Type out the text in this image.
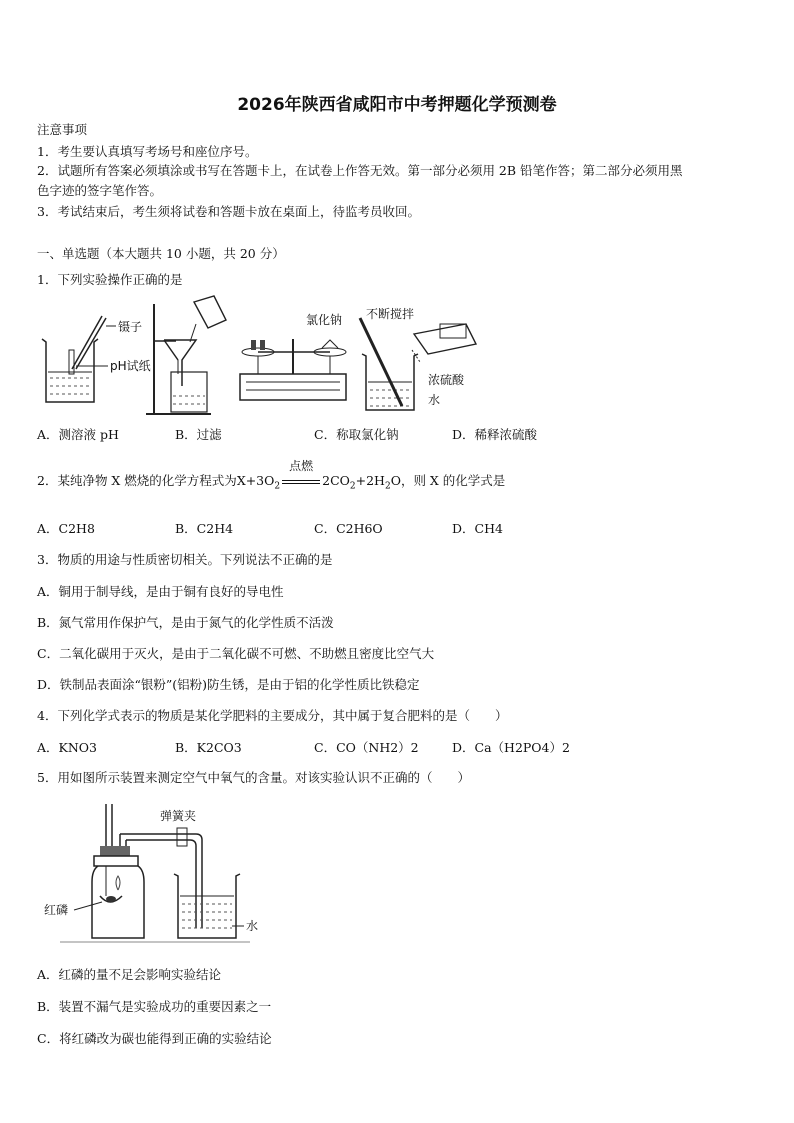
2026年陕西省咸阳市中考押题化学预测卷
注意事项
1．考生要认真填写考场号和座位序号。
2．试题所有答案必须填涂或书写在答题卡上，在试卷上作答无效。第一部分必须用 2B 铅笔作答；第二部分必须用黑
色字迹的签字笔作答。
3．考试结束后，考生须将试卷和答题卡放在桌面上，待监考员收回。
一、单选题（本大题共 10 小题，共 20 分）
1．下列实验操作正确的是
镊子
pH试纸
氯化钠 不断搅拌
浓硫酸
水
A．测溶液 pH	B．过滤	C．称取氯化钠	D．稀释浓硫酸
2．某纯净物 X 燃烧的化学方程式为$X+3O_2$
点燃
$2CO_2+2H_2O$，则 X 的化学式是
A．C2H8	B．C2H4	C．C2H6O	D．CH4
3．物质的用途与性质密切相关。下列说法不正确的是
A．铜用于制导线，是由于铜有良好的导电性
B．氮气常用作保护气，是由于氮气的化学性质不活泼
C．二氧化碳用于灭火，是由于二氧化碳不可燃、不助燃且密度比空气大
D．铁制品表面涂“银粉”(铝粉)防生锈，是由于铝的化学性质比铁稳定
4．下列化学式表示的物质是某化学肥料的主要成分，其中属于复合肥料的是（　　）
A．KNO3	B．K2CO3	C．CO（NH2）2	D．Ca（H2PO4）2
5．用如图所示装置来测定空气中氧气的含量。对该实验认识不正确的（　　）
弹簧夹
红磷
水
A．红磷的量不足会影响实验结论
B．装置不漏气是实验成功的重要因素之一
C．将红磷改为碳也能得到正确的实验结论
